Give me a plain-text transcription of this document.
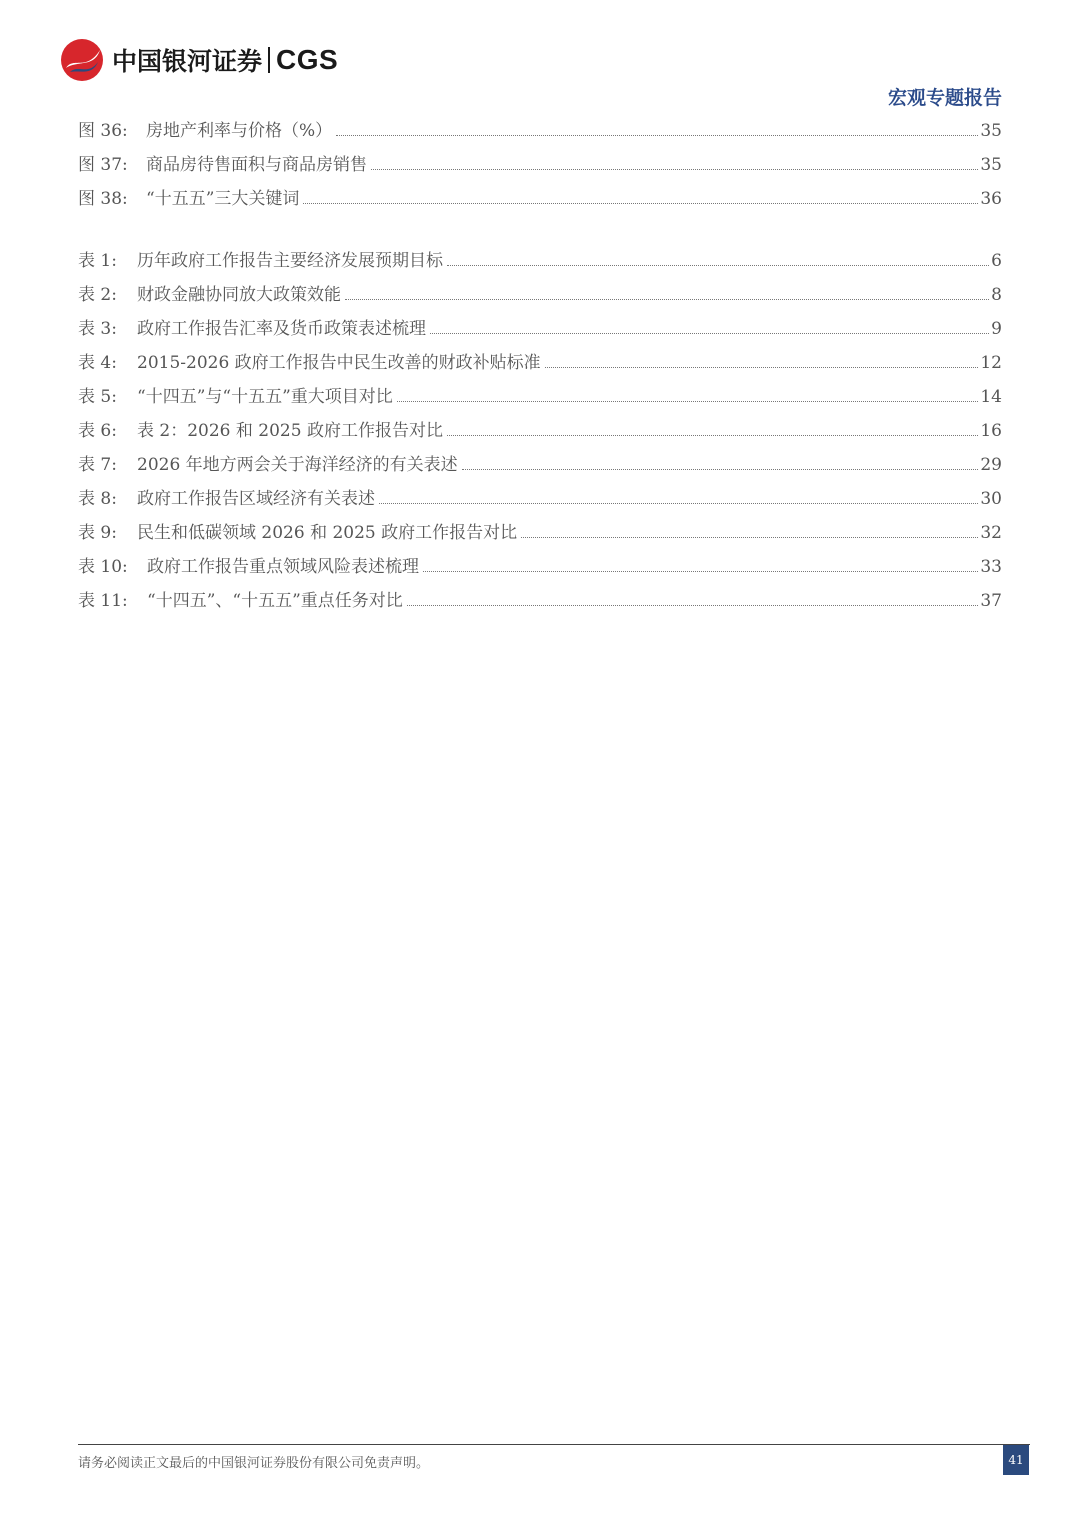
中国银河证券 CGS
宏观专题报告
图 36:	房地产利率与价格（%）	35
图 37:	商品房待售面积与商品房销售	35
图 38:	“十五五”三大关键词	36
表 1:	历年政府工作报告主要经济发展预期目标	6
表 2:	财政金融协同放大政策效能	8
表 3:	政府工作报告汇率及货币政策表述梳理	9
表 4:	2015-2026 政府工作报告中民生改善的财政补贴标准	12
表 5:	“十四五”与“十五五”重大项目对比	14
表 6:	表 2：2026 和 2025 政府工作报告对比	16
表 7:	2026 年地方两会关于海洋经济的有关表述	29
表 8:	政府工作报告区域经济有关表述	30
表 9:	民生和低碳领域 2026 和 2025 政府工作报告对比	32
表 10:	政府工作报告重点领域风险表述梳理	33
表 11:	“十四五”、“十五五”重点任务对比	37
请务必阅读正文最后的中国银河证券股份有限公司免责声明。	41
